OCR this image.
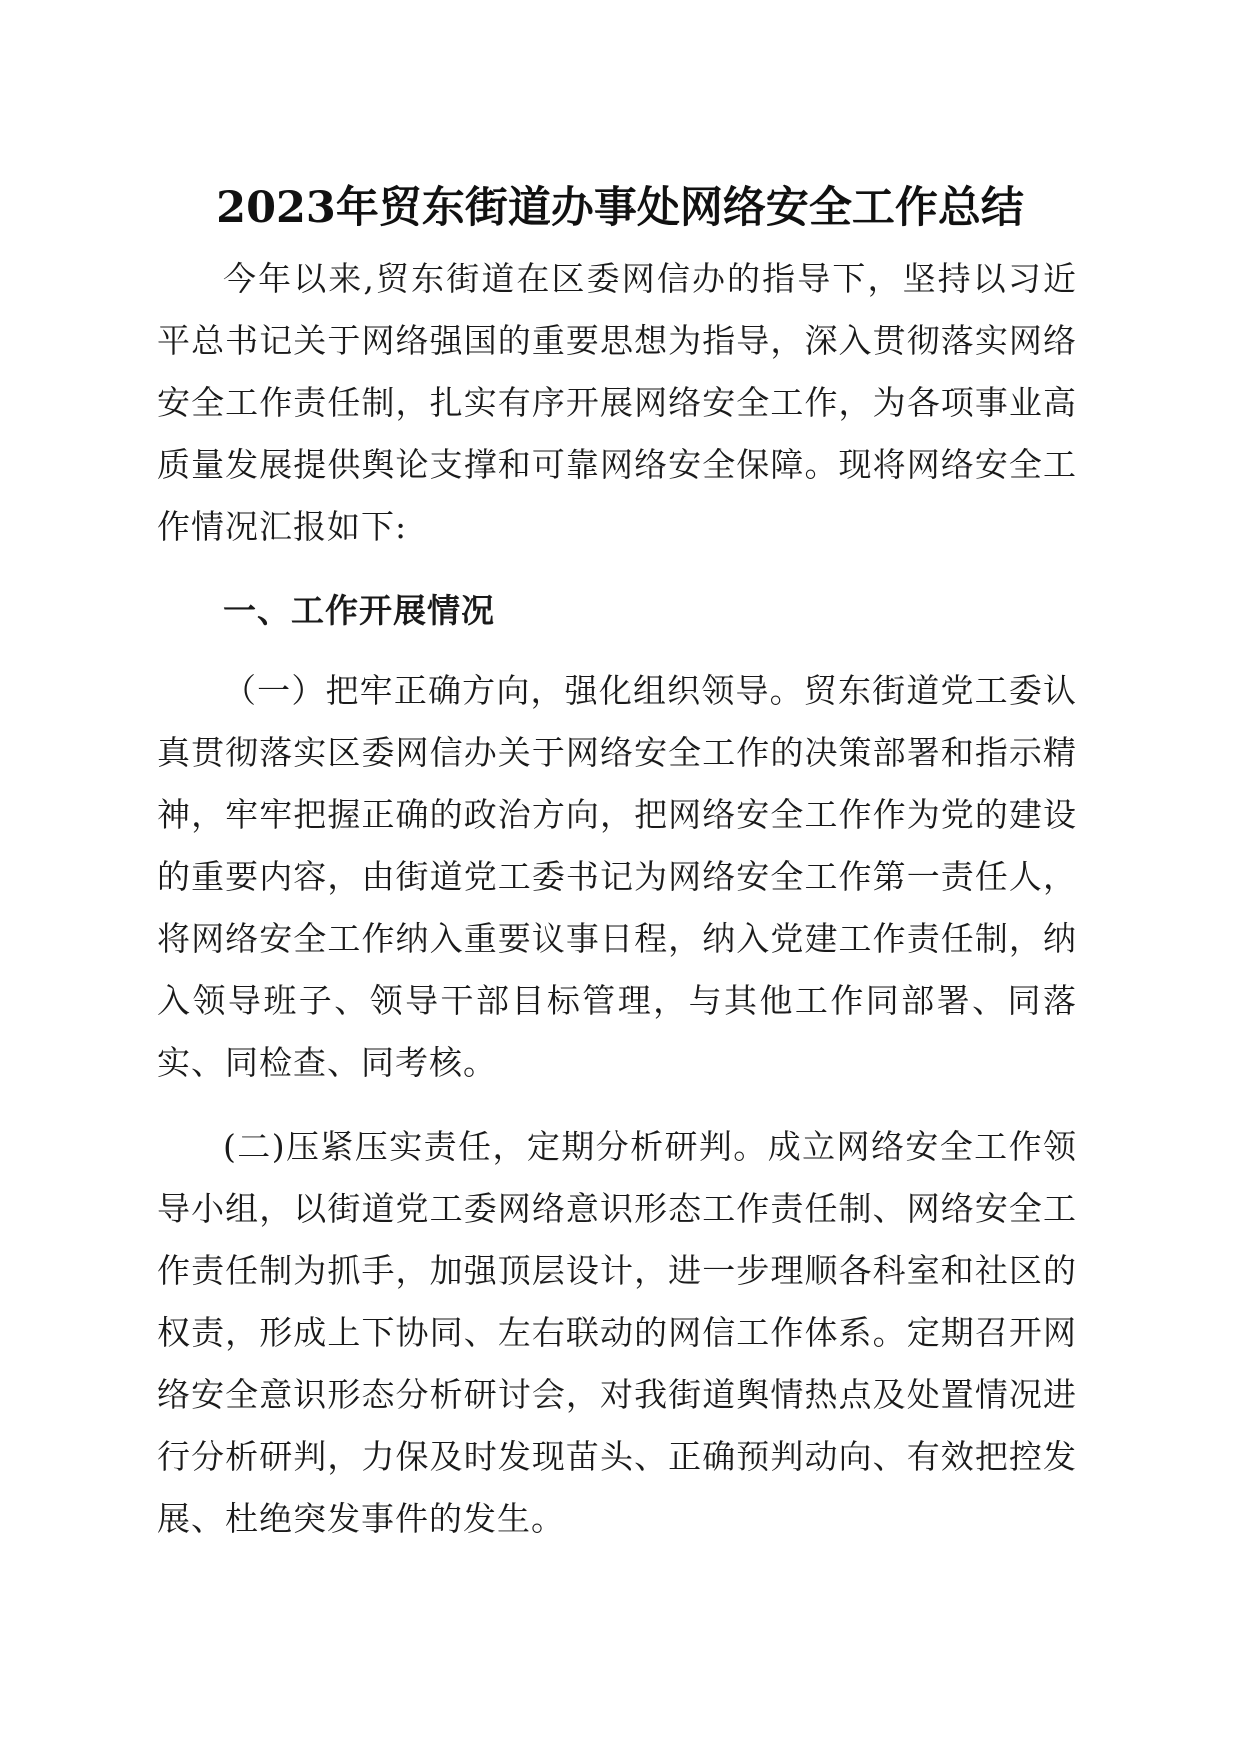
2023年贸东街道办事处网络安全工作总结

今年以来,贸东街道在区委网信办的指导下，坚持以习近平总书记关于网络强国的重要思想为指导，深入贯彻落实网络安全工作责任制，扎实有序开展网络安全工作，为各项事业高质量发展提供舆论支撑和可靠网络安全保障。现将网络安全工作情况汇报如下:

一、工作开展情况

（一）把牢正确方向，强化组织领导。贸东街道党工委认真贯彻落实区委网信办关于网络安全工作的决策部署和指示精神，牢牢把握正确的政治方向，把网络安全工作作为党的建设的重要内容，由街道党工委书记为网络安全工作第一责任人，将网络安全工作纳入重要议事日程，纳入党建工作责任制，纳入领导班子、领导干部目标管理，与其他工作同部署、同落实、同检查、同考核。

(二)压紧压实责任，定期分析研判。成立网络安全工作领导小组，以街道党工委网络意识形态工作责任制、网络安全工作责任制为抓手，加强顶层设计，进一步理顺各科室和社区的权责，形成上下协同、左右联动的网信工作体系。定期召开网络安全意识形态分析研讨会，对我街道舆情热点及处置情况进行分析研判，力保及时发现苗头、正确预判动向、有效把控发展、杜绝突发事件的发生。
